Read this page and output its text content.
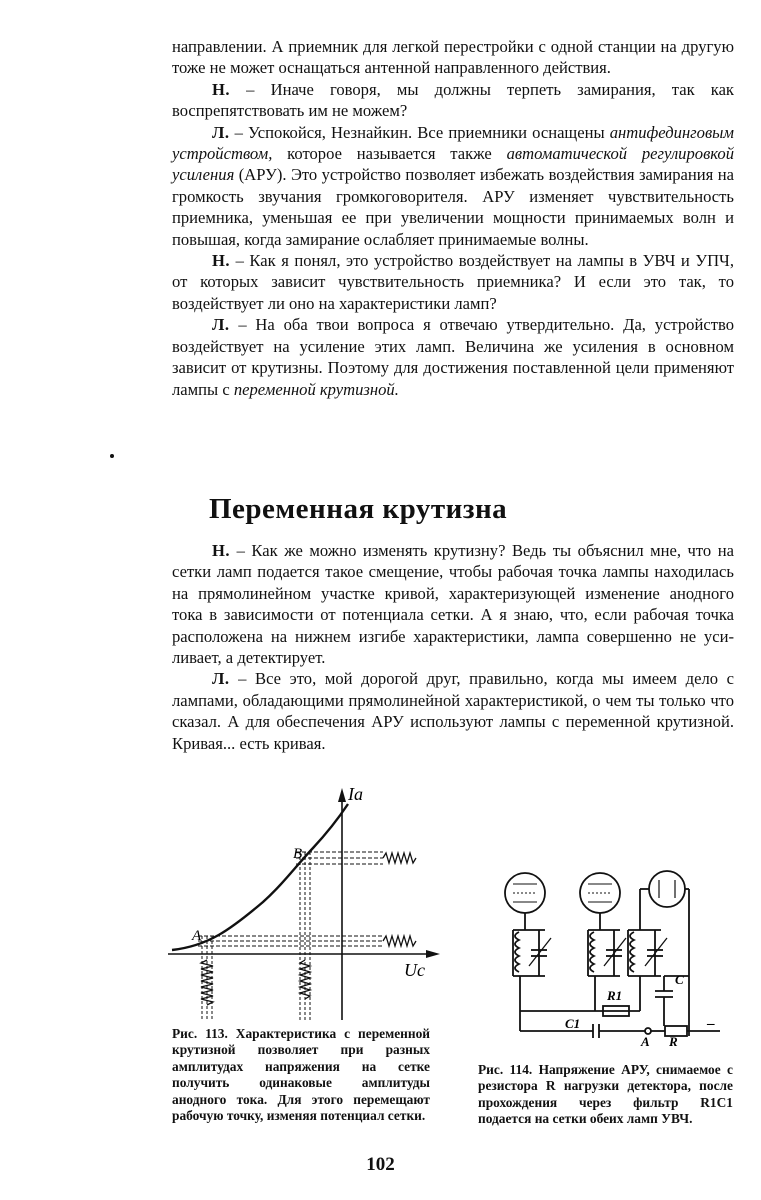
направлении. А приемник для легкой перестройки с одной станции на другую тоже не может оснащаться антенной направленного действия.

Н. – Иначе говоря, мы должны терпеть замирания, так как воспрепятствовать им не можем?

Л. – Успокойся, Незнайкин. Все приемники оснащены антифединговым устройством, которое называется также автоматической регулировкой усиления (АРУ). Это устройство позволяет избежать воздействия замирания на громкость звучания громкоговорителя. АРУ изменяет чувствительность приемника, уменьшая ее при увеличении мощности принимаемых волн и повышая, когда замирание ослабляет принимаемые волны.

Н. – Как я понял, это устройство воздействует на лампы в УВЧ и УПЧ, от которых зависит чувствительность приемника? И если это так, то воздействует ли оно на характеристики ламп?

Л. – На оба твои вопроса я отвечаю утвердительно. Да, устройство воздействует на усиление этих ламп. Величина же усиления в основном зависит от крутизны. Поэтому для достижения поставленной цели применяют лампы с переменной крутизной.

Переменная крутизна

Н. – Как же можно изменять крутизну? Ведь ты объяснил мне, что на сетки ламп подается такое смещение, чтобы рабочая точка лампы находилась на прямолинейном участке кривой, характеризующей изменение анодного тока в зависимости от потенциала сетки. А я знаю, что, если рабочая точка расположена на нижнем изгибе характеристики, лампа совершенно не усиливает, а детектирует.

Л. – Все это, мой дорогой друг, правильно, когда мы имеем дело с лампами, обладающими прямолинейной характеристикой, о чем ты только что сказал. А для обеспечения АРУ используют лампы с переменной крутизной. Кривая... есть кривая.

Iа
Uс
A
B

Рис. 113. Характеристика с переменной крутизной позволяет при разных амплитудах напряжения на сетке получить одинаковые амплитуды анодного тока. Для этого перемещают рабочую точку, изменяя потенциал сетки.

R1
C
C1
A R
–

Рис. 114. Напряжение АРУ, снимаемое с резистора R нагрузки детектора, после прохождения через фильтр R1C1 подается на сетки обеих ламп УВЧ.

102
